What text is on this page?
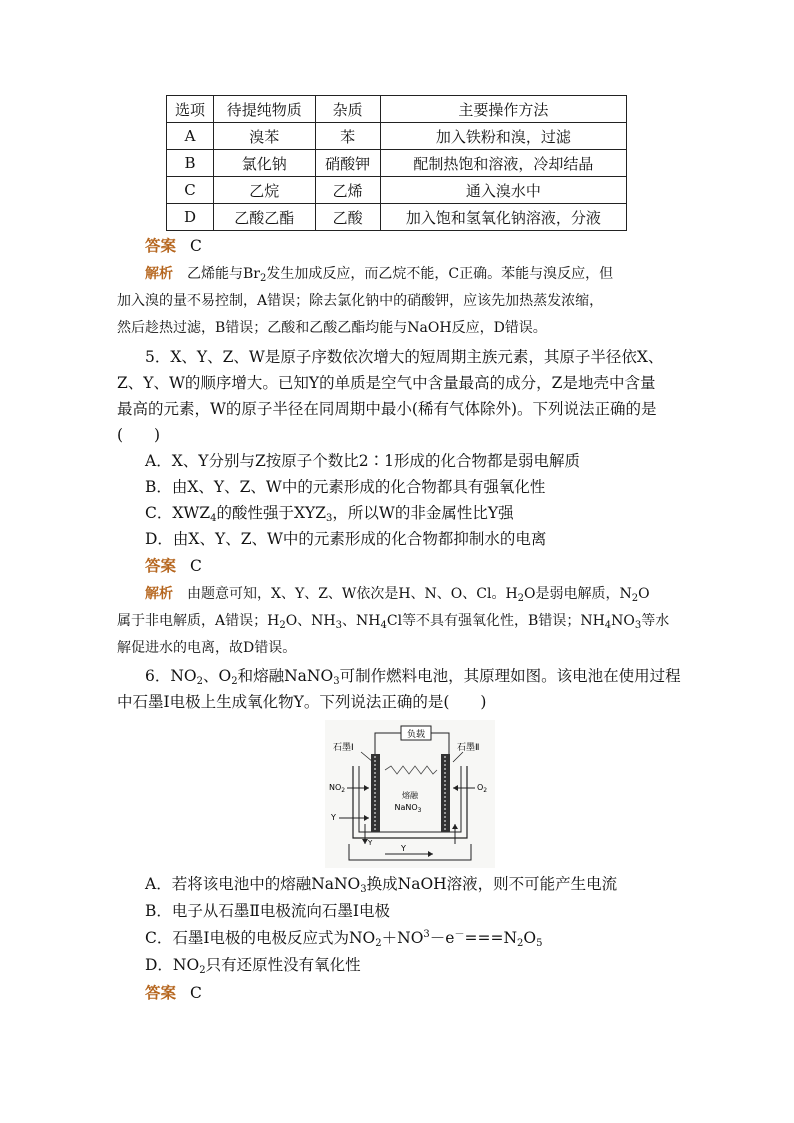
选项	待提纯物质	杂质	主要操作方法
A	溴苯	苯	加入铁粉和溴，过滤
B	氯化钠	硝酸钾	配制热饱和溶液，冷却结晶
C	乙烷	乙烯	通入溴水中
D	乙酸乙酯	乙酸	加入饱和氢氧化钠溶液，分液
答案 C
解析 乙烯能与$Br_2$发生加成反应，而乙烷不能，C正确。苯能与溴反应，但
加入溴的量不易控制，A错误；除去氯化钠中的硝酸钾，应该先加热蒸发浓缩，
然后趁热过滤，B错误；乙酸和乙酸乙酯均能与NaOH反应，D错误。
5．X、Y、Z、W是原子序数依次增大的短周期主族元素，其原子半径依X、
Z、Y、W的顺序增大。已知Y的单质是空气中含量最高的成分，Z是地壳中含量
最高的元素，W的原子半径在同周期中最小(稀有气体除外)。下列说法正确的是
(　　)
A．X、Y分别与Z按原子个数比2∶1形成的化合物都是弱电解质
B．由X、Y、Z、W中的元素形成的化合物都具有强氧化性
C．$XWZ_4$的酸性强于$XYZ_3$，所以W的非金属性比Y强
D．由X、Y、Z、W中的元素形成的化合物都抑制水的电离
答案 C
解析 由题意可知，X、Y、Z、W依次是H、N、O、Cl。$H_2O$是弱电解质，$N_2O$
属于非电解质，A错误；$H_2O$、$NH_3$、$NH_4Cl$等不具有强氧化性，B错误；$NH_4NO_3$等水
解促进水的电离，故D错误。
6．$NO_2$、$O_2$和熔融NaNO$_3$可制作燃料电池，其原理如图。该电池在使用过程
中石墨Ⅰ电极上生成氧化物Y。下列说法正确的是(　　)
负载
石墨Ⅰ	石墨Ⅱ
熔融
NaNO$_3$
$NO_2$	$O_2$
Y
Y
Y
A．若将该电池中的熔融NaNO$_3$换成NaOH溶液，则不可能产生电流
B．电子从石墨Ⅱ电极流向石墨Ⅰ电极
C．石墨Ⅰ电极的电极反应式为$NO_2+NO^3-e^-===N_2O_5$
D．$NO_2$只有还原性没有氧化性
答案 C
